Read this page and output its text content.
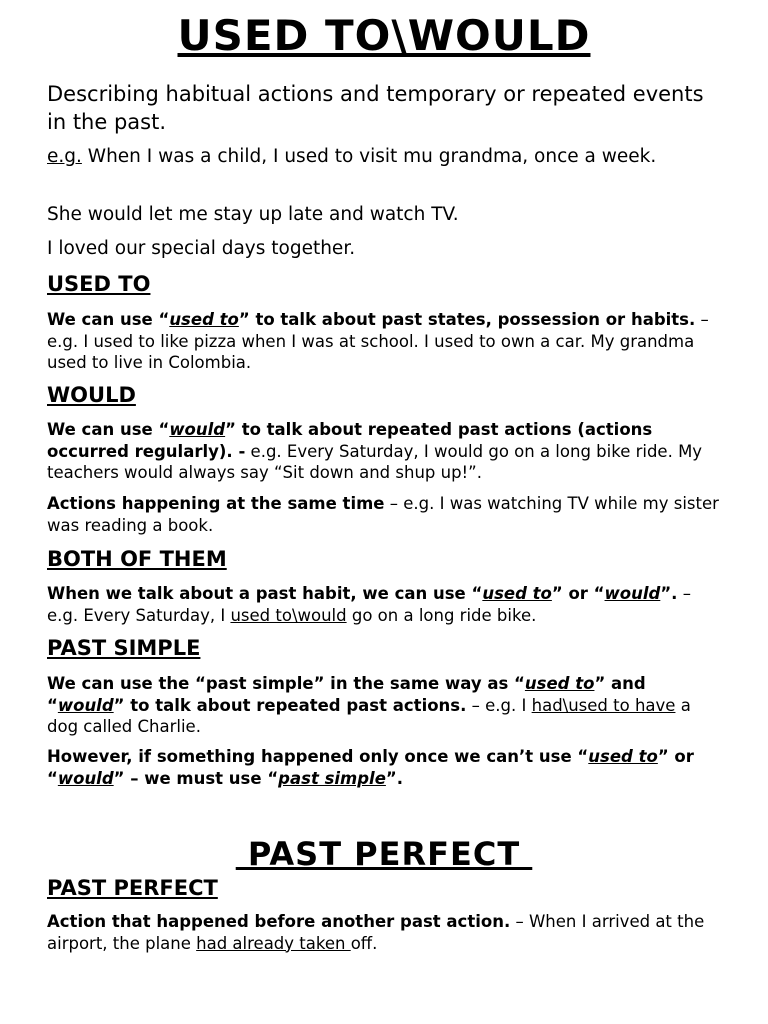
USED TO\WOULD

Describing habitual actions and temporary or repeated events in the past.

e.g. When I was a child, I used to visit mu grandma, once a week.

She would let me stay up late and watch TV.

I loved our special days together.

USED TO

We can use “used to” to talk about past states, possession or habits. – e.g. I used to like pizza when I was at school. I used to own a car. My grandma used to live in Colombia.

WOULD

We can use “would” to talk about repeated past actions (actions occurred regularly). - e.g. Every Saturday, I would go on a long bike ride. My teachers would always say “Sit down and shup up!”.

Actions happening at the same time – e.g. I was watching TV while my sister was reading a book.

BOTH OF THEM

When we talk about a past habit, we can use “used to” or “would”. – e.g. Every Saturday, I used to\would go on a long ride bike.

PAST SIMPLE

We can use the “past simple” in the same way as “used to” and “would” to talk about repeated past actions. – e.g. I had\used to have a dog called Charlie.

However, if something happened only once we can’t use “used to” or “would” – we must use “past simple”.

PAST PERFECT
PAST PERFECT

Action that happened before another past action. – When I arrived at the airport, the plane had already taken off.
